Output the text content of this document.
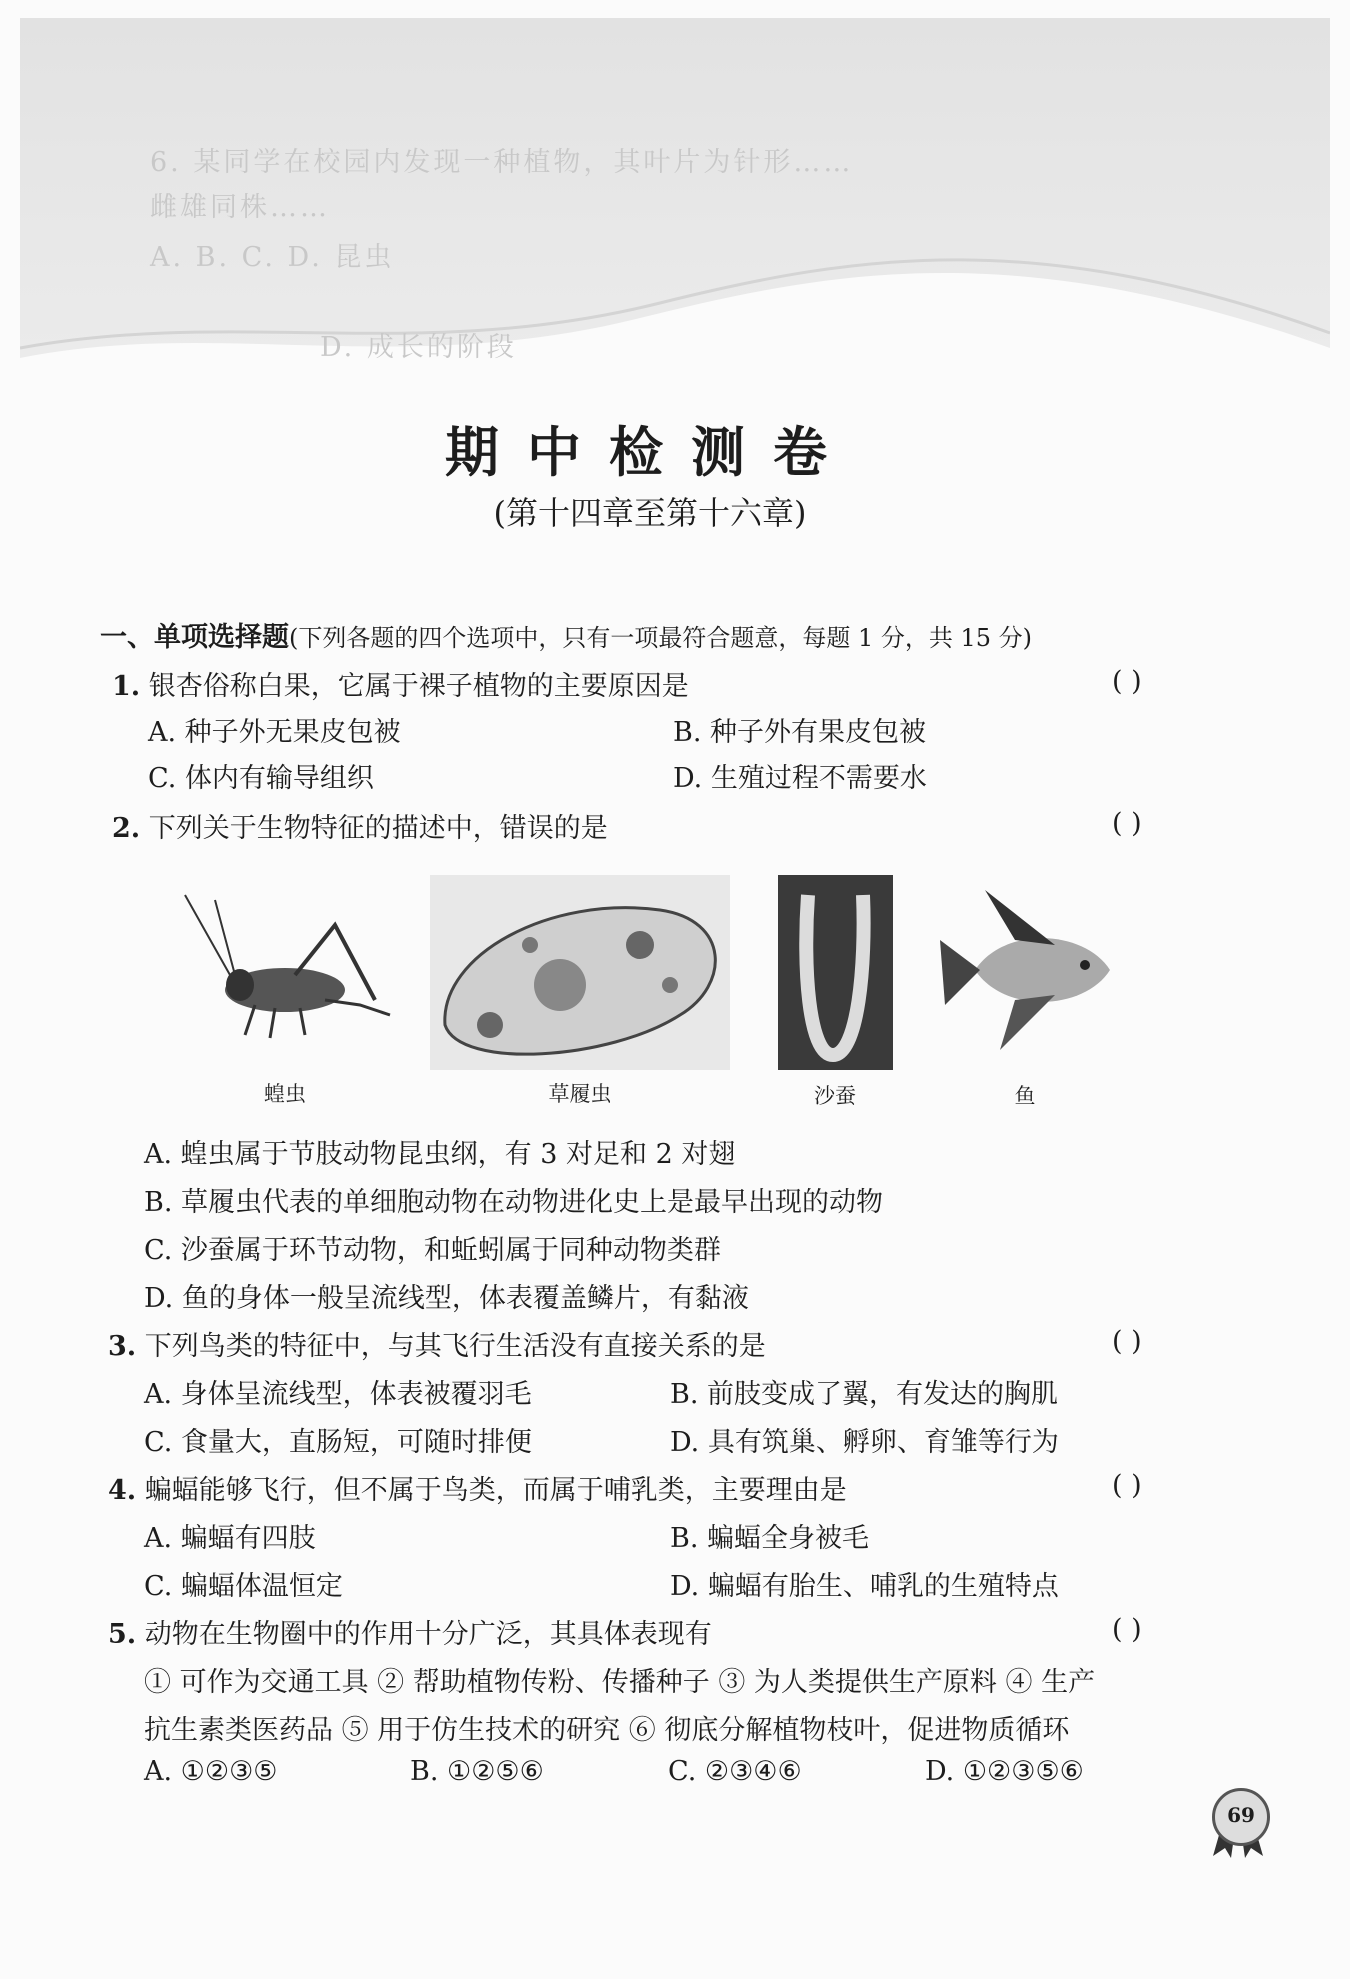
6. 某同学在校园内发现一种植物，其叶片为针形……
雌雄同株……
A. B. C. D. 昆虫
D. 成长的阶段
期中检测卷
(第十四章至第十六章)
一、单项选择题(下列各题的四个选项中，只有一项最符合题意，每题 1 分，共 15 分)
1. 银杏俗称白果，它属于裸子植物的主要原因是	( )
A. 种子外无果皮包被	B. 种子外有果皮包被
C. 体内有输导组织	D. 生殖过程不需要水
2. 下列关于生物特征的描述中，错误的是	( )
蝗虫	草履虫	沙蚕	鱼
A. 蝗虫属于节肢动物昆虫纲，有 3 对足和 2 对翅
B. 草履虫代表的单细胞动物在动物进化史上是最早出现的动物
C. 沙蚕属于环节动物，和蚯蚓属于同种动物类群
D. 鱼的身体一般呈流线型，体表覆盖鳞片，有黏液
3. 下列鸟类的特征中，与其飞行生活没有直接关系的是	( )
A. 身体呈流线型，体表被覆羽毛	B. 前肢变成了翼，有发达的胸肌
C. 食量大，直肠短，可随时排便	D. 具有筑巢、孵卵、育雏等行为
4. 蝙蝠能够飞行，但不属于鸟类，而属于哺乳类，主要理由是	( )
A. 蝙蝠有四肢	B. 蝙蝠全身被毛
C. 蝙蝠体温恒定	D. 蝙蝠有胎生、哺乳的生殖特点
5. 动物在生物圈中的作用十分广泛，其具体表现有	( )
① 可作为交通工具 ② 帮助植物传粉、传播种子 ③ 为人类提供生产原料 ④ 生产
抗生素类医药品 ⑤ 用于仿生技术的研究 ⑥ 彻底分解植物枝叶，促进物质循环
A. ①②③⑤	B. ①②⑤⑥	C. ②③④⑥	D. ①②③⑤⑥
69
